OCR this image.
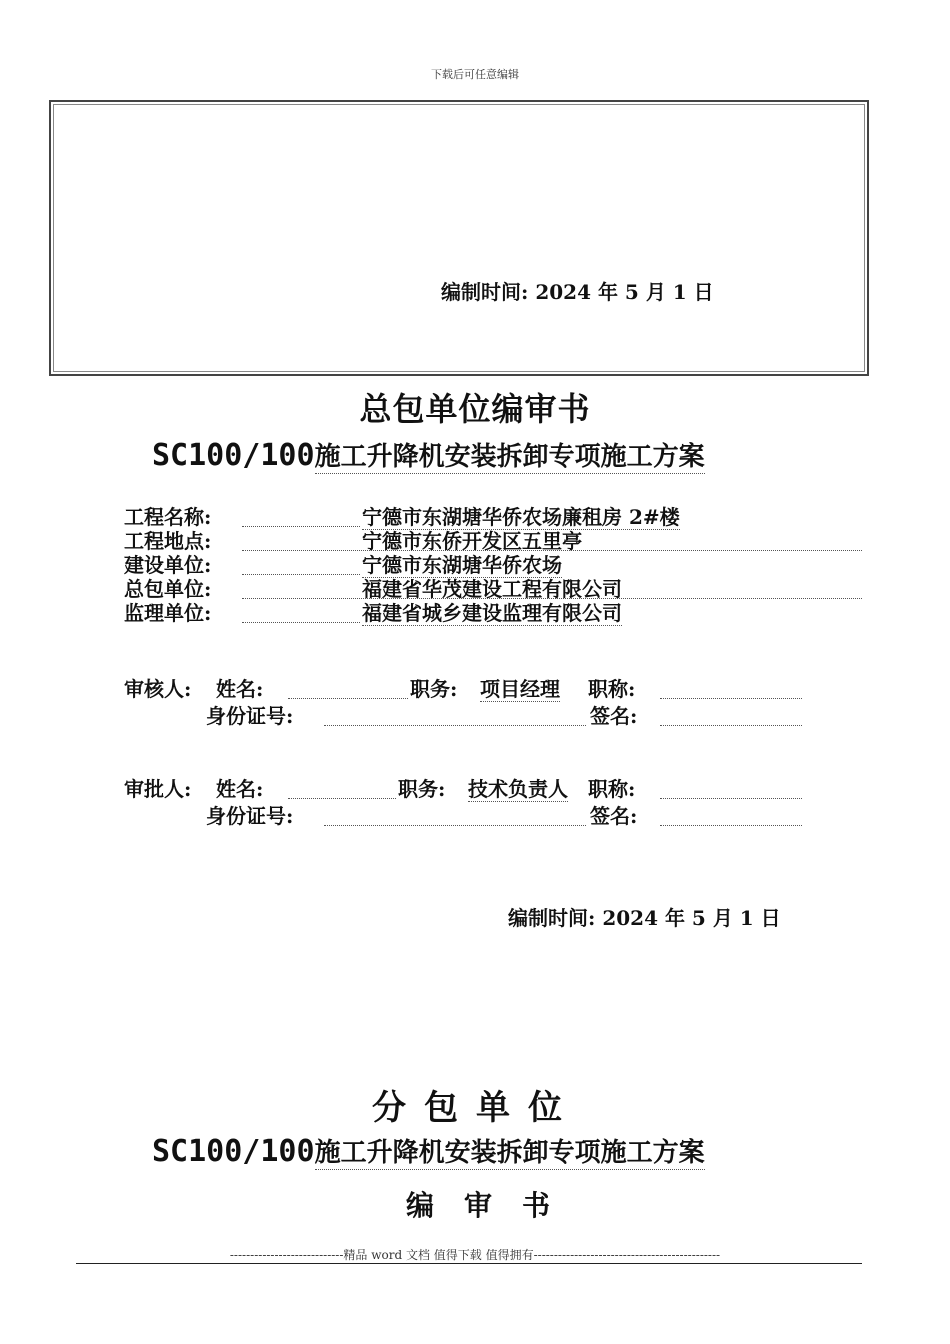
下载后可任意编辑
编制时间: 2024 年 5 月 1 日
总包单位编审书
SC100/100施工升降机安装拆卸专项施工方案
工程名称:	宁德市东湖塘华侨农场廉租房 2#楼
工程地点:	宁德市东侨开发区五里亭
建设单位:	宁德市东湖塘华侨农场
总包单位:	福建省华茂建设工程有限公司
监理单位:	福建省城乡建设监理有限公司
审核人: 姓名:	职务: 项目经理 职称:
身份证号:	签名:
审批人: 姓名:	职务: 技术负责人 职称:
身份证号:	签名:
编制时间: 2024 年 5 月 1 日
分包单位
SC100/100施工升降机安装拆卸专项施工方案
编审书
----------------------------精品 word 文档 值得下载 值得拥有----------------------------------------------
